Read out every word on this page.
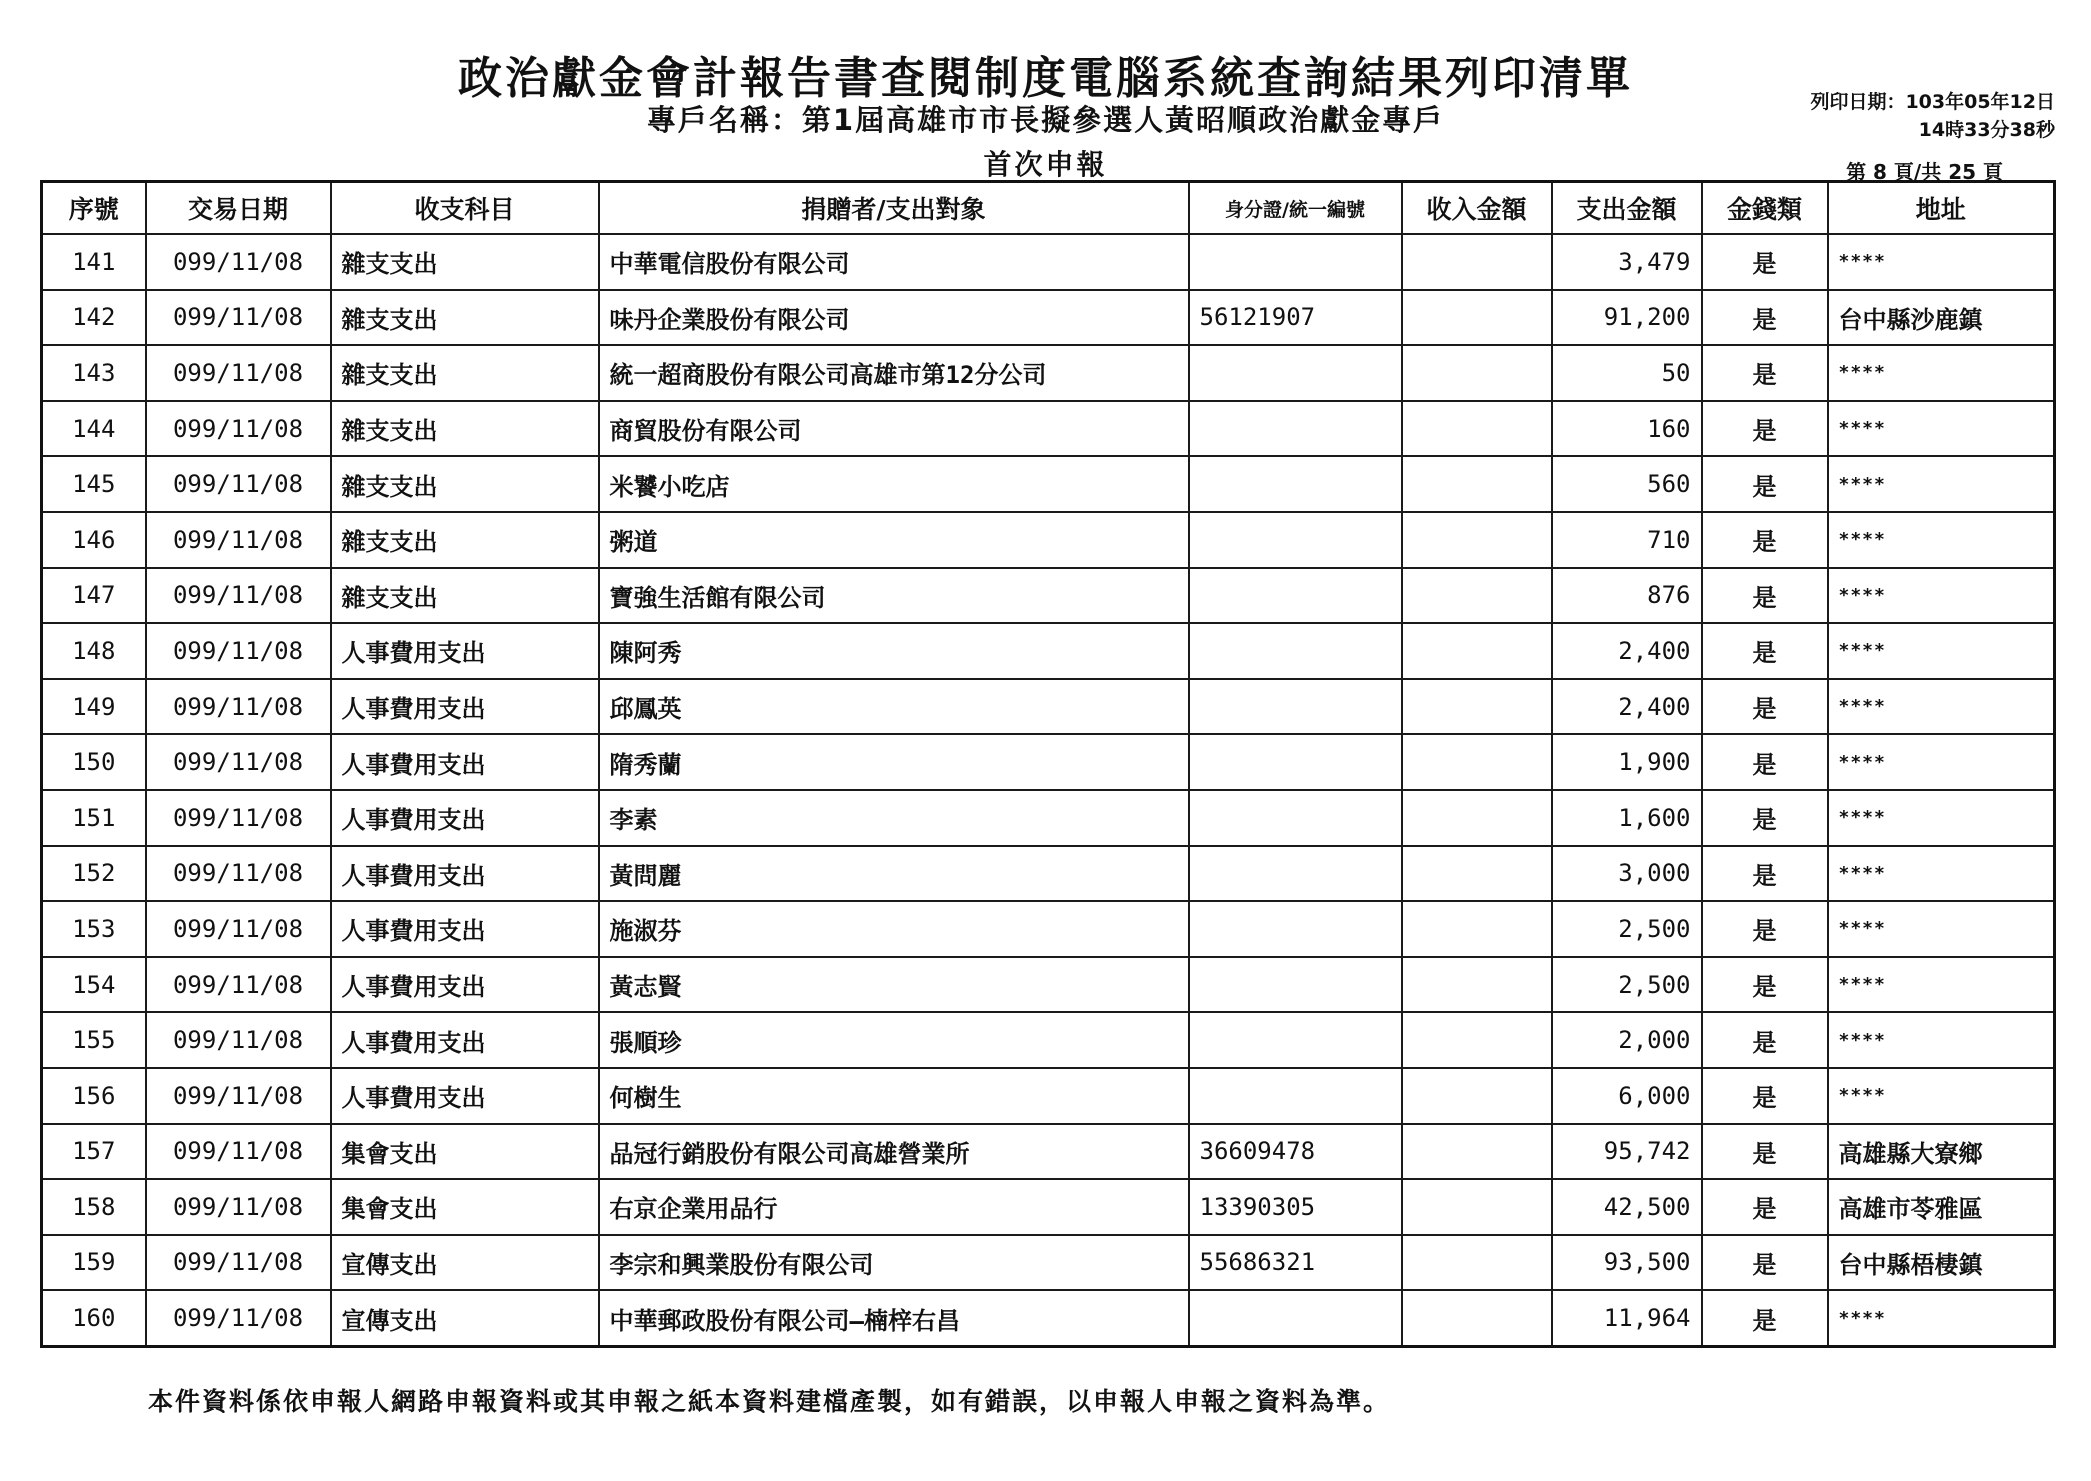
政治獻金會計報告書查閱制度電腦系統查詢結果列印清單
專戶名稱：第1屆高雄市市長擬參選人黃昭順政治獻金專戶
首次申報
列印日期：103年05年12日
14時33分38秒
第 8 頁/共 25 頁
序號	交易日期	收支科目	捐贈者/支出對象	身分證/統一編號	收入金額	支出金額	金錢類	地址
141	099/11/08	雜支支出	中華電信股份有限公司			3,479	是	****
142	099/11/08	雜支支出	味丹企業股份有限公司	56121907		91,200	是	台中縣沙鹿鎮
143	099/11/08	雜支支出	統一超商股份有限公司高雄市第12分公司			50	是	****
144	099/11/08	雜支支出	商貿股份有限公司			160	是	****
145	099/11/08	雜支支出	米饕小吃店			560	是	****
146	099/11/08	雜支支出	粥道			710	是	****
147	099/11/08	雜支支出	寶強生活館有限公司			876	是	****
148	099/11/08	人事費用支出	陳阿秀			2,400	是	****
149	099/11/08	人事費用支出	邱鳳英			2,400	是	****
150	099/11/08	人事費用支出	隋秀蘭			1,900	是	****
151	099/11/08	人事費用支出	李素			1,600	是	****
152	099/11/08	人事費用支出	黃問麗			3,000	是	****
153	099/11/08	人事費用支出	施淑芬			2,500	是	****
154	099/11/08	人事費用支出	黃志賢			2,500	是	****
155	099/11/08	人事費用支出	張順珍			2,000	是	****
156	099/11/08	人事費用支出	何樹生			6,000	是	****
157	099/11/08	集會支出	品冠行銷股份有限公司高雄營業所	36609478		95,742	是	高雄縣大寮鄉
158	099/11/08	集會支出	右京企業用品行	13390305		42,500	是	高雄市苓雅區
159	099/11/08	宣傳支出	李宗和興業股份有限公司	55686321		93,500	是	台中縣梧棲鎮
160	099/11/08	宣傳支出	中華郵政股份有限公司—楠梓右昌			11,964	是	****
本件資料係依申報人網路申報資料或其申報之紙本資料建檔產製，如有錯誤，以申報人申報之資料為準。
